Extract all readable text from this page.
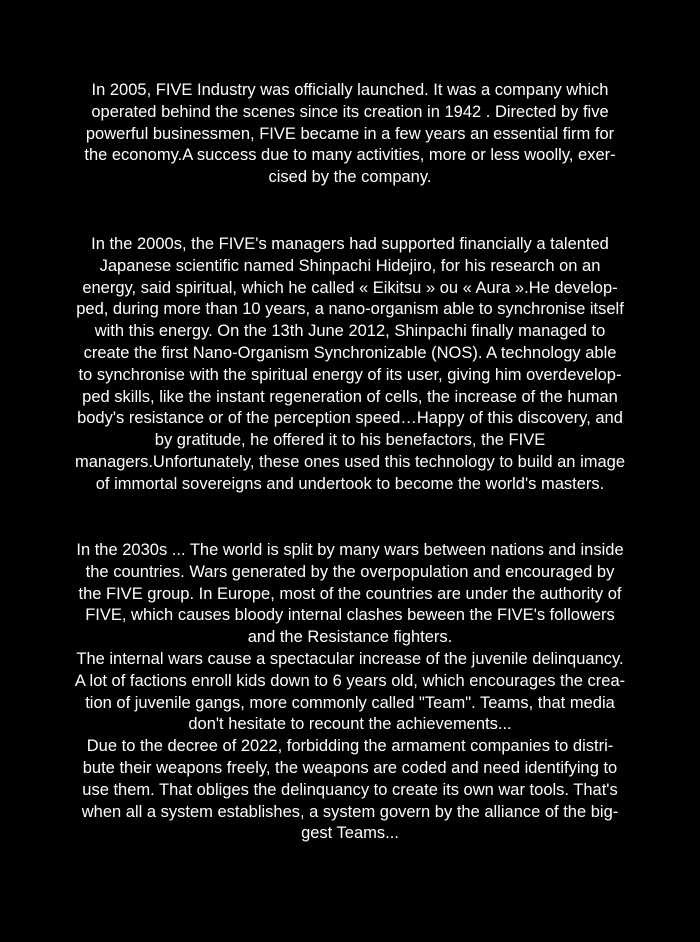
In 2005, FIVE Industry was officially launched. It was a company which
operated behind the scenes since its creation in 1942 . Directed by five
powerful businessmen, FIVE became in a few years an essential firm for
the economy.A success due to many activities, more or less woolly, exer-
cised by the company.
In the 2000s, the FIVE's managers had supported financially a talented
Japanese scientific named Shinpachi Hidejiro, for his research on an
energy, said spiritual, which he called « Eikitsu » ou « Aura ».He develop-
ped, during more than 10 years, a nano-organism able to synchronise itself
with this energy. On the 13th June 2012, Shinpachi finally managed to
create the first Nano-Organism Synchronizable (NOS). A technology able
to synchronise with the spiritual energy of its user, giving him overdevelop-
ped skills, like the instant regeneration of cells, the increase of the human
body's resistance or of the perception speed…Happy of this discovery, and
by gratitude, he offered it to his benefactors, the FIVE
managers.Unfortunately, these ones used this technology to build an image
of immortal sovereigns and undertook to become the world's masters.
In the 2030s ... The world is split by many wars between nations and inside
the countries. Wars generated by the overpopulation and encouraged by
the FIVE group. In Europe, most of the countries are under the authority of
FIVE, which causes bloody internal clashes beween the FIVE's followers
and the Resistance fighters.
The internal wars cause a spectacular increase of the juvenile delinquancy.
A lot of factions enroll kids down to 6 years old, which encourages the crea-
tion of juvenile gangs, more commonly called "Team". Teams, that media
don't hesitate to recount the achievements...
Due to the decree of 2022, forbidding the armament companies to distri-
bute their weapons freely, the weapons are coded and need identifying to
use them. That obliges the delinquancy to create its own war tools. That's
when all a system establishes, a system govern by the alliance of the big-
gest Teams...
